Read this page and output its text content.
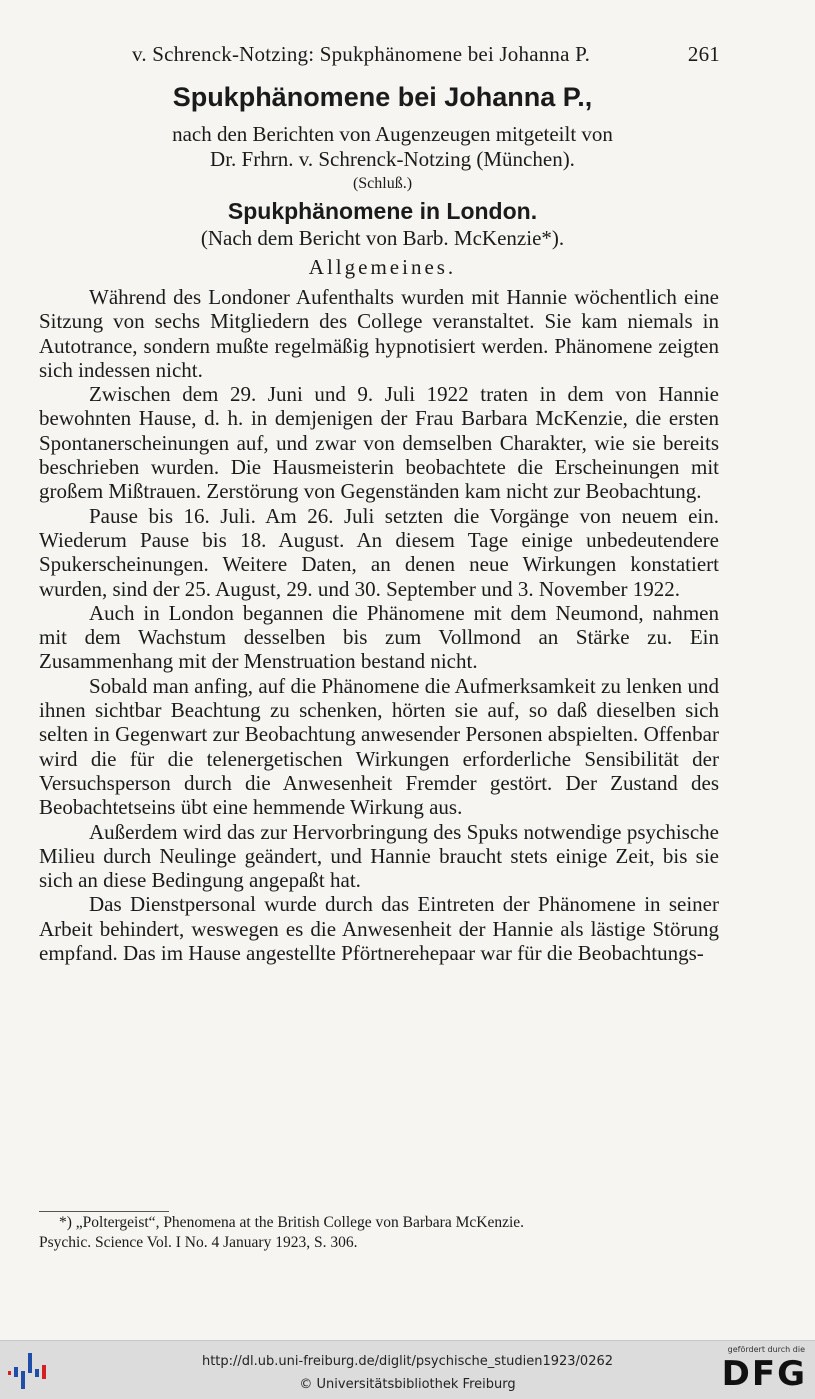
v. Schrenck-Notzing: Spukphänomene bei Johanna P.	261
Spukphänomene bei Johanna P.,
nach den Berichten von Augenzeugen mitgeteilt von
Dr. Frhrn. v. Schrenck-Notzing (München).
(Schluß.)
Spukphänomene in London.
(Nach dem Bericht von Barb. McKenzie*).
Allgemeines.

Während des Londoner Aufenthalts wurden mit Hannie wöchentlich eine Sitzung von sechs Mitgliedern des College veranstaltet. Sie kam niemals in Autotrance, sondern mußte regelmäßig hypnotisiert werden. Phänomene zeigten sich indessen nicht.

Zwischen dem 29. Juni und 9. Juli 1922 traten in dem von Hannie bewohnten Hause, d. h. in demjenigen der Frau Barbara McKenzie, die ersten Spontanerscheinungen auf, und zwar von demselben Charakter, wie sie bereits beschrieben wurden. Die Hausmeisterin beobachtete die Erscheinungen mit großem Mißtrauen. Zerstörung von Gegenständen kam nicht zur Beobachtung.

Pause bis 16. Juli. Am 26. Juli setzten die Vorgänge von neuem ein. Wiederum Pause bis 18. August. An diesem Tage einige unbedeutendere Spukerscheinungen. Weitere Daten, an denen neue Wirkungen konstatiert wurden, sind der 25. August, 29. und 30. September und 3. November 1922.

Auch in London begannen die Phänomene mit dem Neumond, nahmen mit dem Wachstum desselben bis zum Vollmond an Stärke zu. Ein Zusammenhang mit der Menstruation bestand nicht.

Sobald man anfing, auf die Phänomene die Aufmerksamkeit zu lenken und ihnen sichtbar Beachtung zu schenken, hörten sie auf, so daß dieselben sich selten in Gegenwart zur Beobachtung anwesender Personen abspielten. Offenbar wird die für die telenergetischen Wirkungen erforderliche Sensibilität der Versuchsperson durch die Anwesenheit Fremder gestört. Der Zustand des Beobachtetseins übt eine hemmende Wirkung aus.

Außerdem wird das zur Hervorbringung des Spuks notwendige psychische Milieu durch Neulinge geändert, und Hannie braucht stets einige Zeit, bis sie sich an diese Bedingung angepaßt hat.

Das Dienstpersonal wurde durch das Eintreten der Phänomene in seiner Arbeit behindert, weswegen es die Anwesenheit der Hannie als lästige Störung empfand. Das im Hause angestellte Pförtnerehepaar war für die Beobachtungs-

*) „Poltergeist“, Phenomena at the British College von Barbara McKenzie.
Psychic. Science Vol. I No. 4 January 1923, S. 306.
http://dl.ub.uni-freiburg.de/diglit/psychische_studien1923/0262
© Universitätsbibliothek Freiburg
gefördert durch die
DFG
